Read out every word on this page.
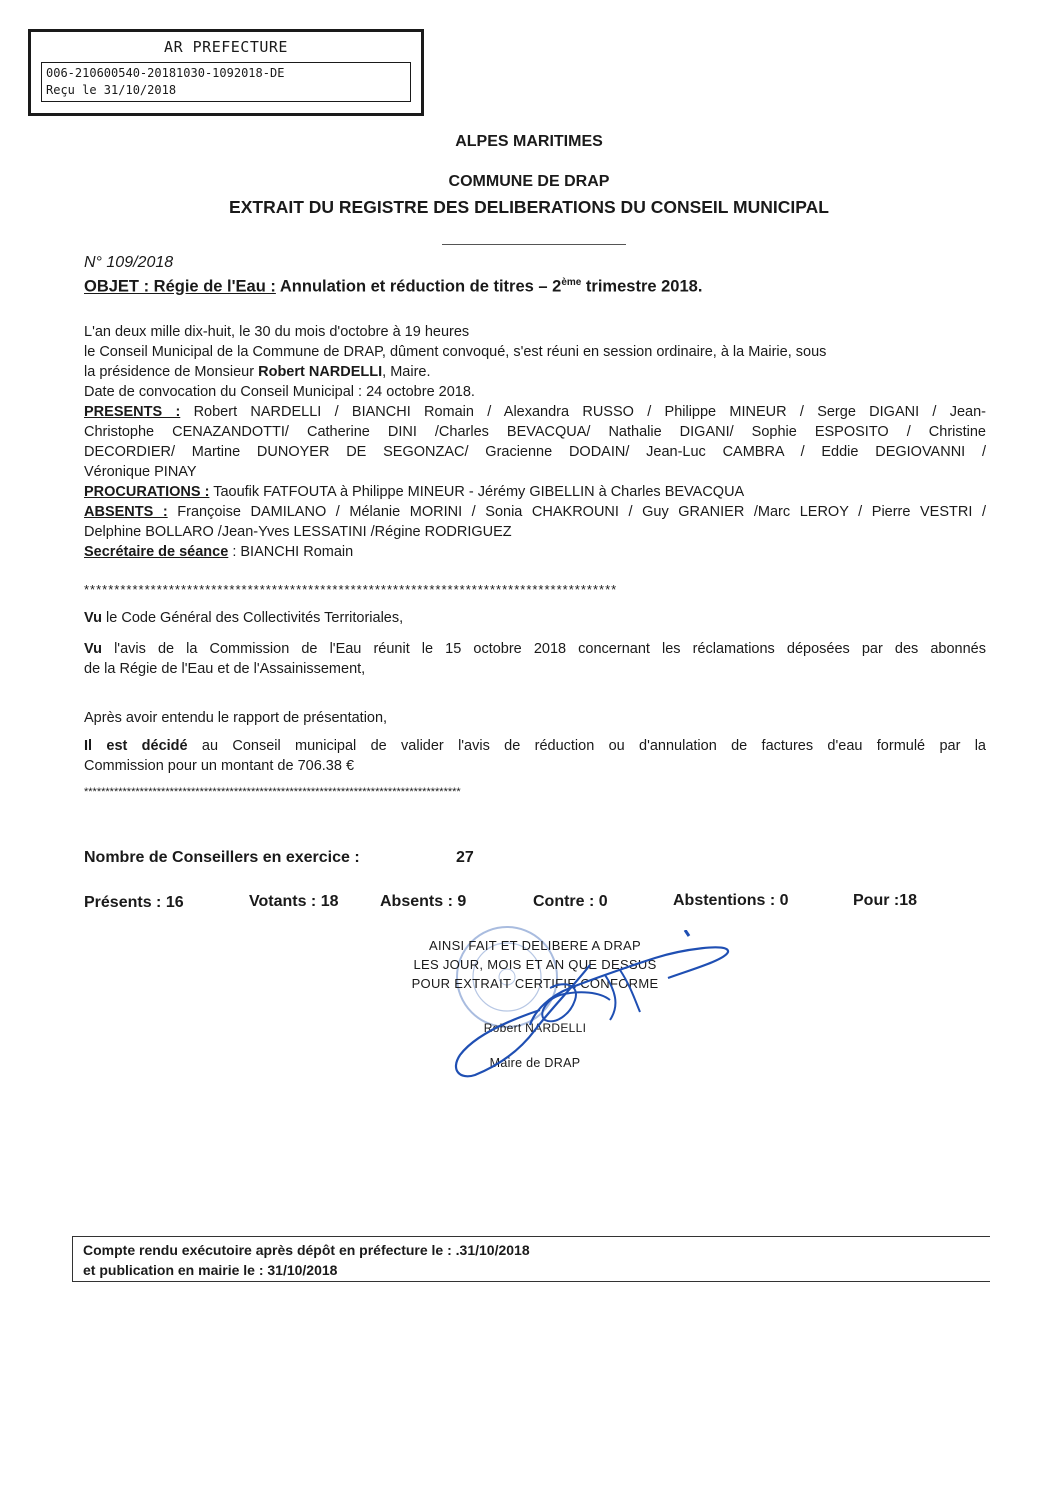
AR PREFECTURE
006-210600540-20181030-1092018-DE
Reçu le 31/10/2018
ALPES MARITIMES
COMMUNE DE DRAP
EXTRAIT DU REGISTRE DES DELIBERATIONS DU CONSEIL MUNICIPAL
N° 109/2018
OBJET : Régie de l'Eau : Annulation et réduction de titres – 2ème trimestre 2018.
L'an deux mille dix-huit, le 30 du mois d'octobre à 19 heures
le Conseil Municipal de la Commune de DRAP, dûment convoqué, s'est réuni en session ordinaire, à la Mairie, sous
la présidence de Monsieur Robert NARDELLI, Maire.
Date de convocation du Conseil Municipal : 24 octobre 2018.
PRESENTS : Robert NARDELLI / BIANCHI Romain / Alexandra RUSSO / Philippe MINEUR / Serge DIGANI / Jean-
Christophe CENAZANDOTTI/ Catherine DINI /Charles BEVACQUA/ Nathalie DIGANI/ Sophie ESPOSITO / Christine
DECORDIER/ Martine DUNOYER DE SEGONZAC/ Gracienne DODAIN/ Jean-Luc CAMBRA / Eddie DEGIOVANNI /
Véronique PINAY
PROCURATIONS : Taoufik FATFOUTA à Philippe MINEUR - Jérémy GIBELLIN à Charles BEVACQUA
ABSENTS : Françoise DAMILANO / Mélanie MORINI / Sonia CHAKROUNI / Guy GRANIER /Marc LEROY / Pierre VESTRI /
Delphine BOLLARO /Jean-Yves LESSATINI /Régine RODRIGUEZ
Secrétaire de séance : BIANCHI Romain
****************************************************************************************
Vu le Code Général des Collectivités Territoriales,
Vu l'avis de la Commission de l'Eau réunit le 15 octobre 2018 concernant les réclamations déposées par des abonnés
de la Régie de l'Eau et de l'Assainissement,
Après avoir entendu le rapport de présentation,
Il est décidé au Conseil municipal de valider l'avis de réduction ou d'annulation de factures d'eau formulé par la
Commission pour un montant de 706.38 €
****************************************************************************************
Nombre de Conseillers en exercice :	27
Présents : 16	Votants : 18	Absents : 9	Contre : 0	Abstentions : 0	Pour :18
AINSI FAIT ET DELIBERE A DRAP
LES JOUR, MOIS ET AN QUE DESSUS
POUR EXTRAIT CERTIFIE CONFORME
Robert NARDELLI
Maire de DRAP
Compte rendu exécutoire après dépôt en préfecture le : .31/10/2018
et publication en mairie le : 31/10/2018
